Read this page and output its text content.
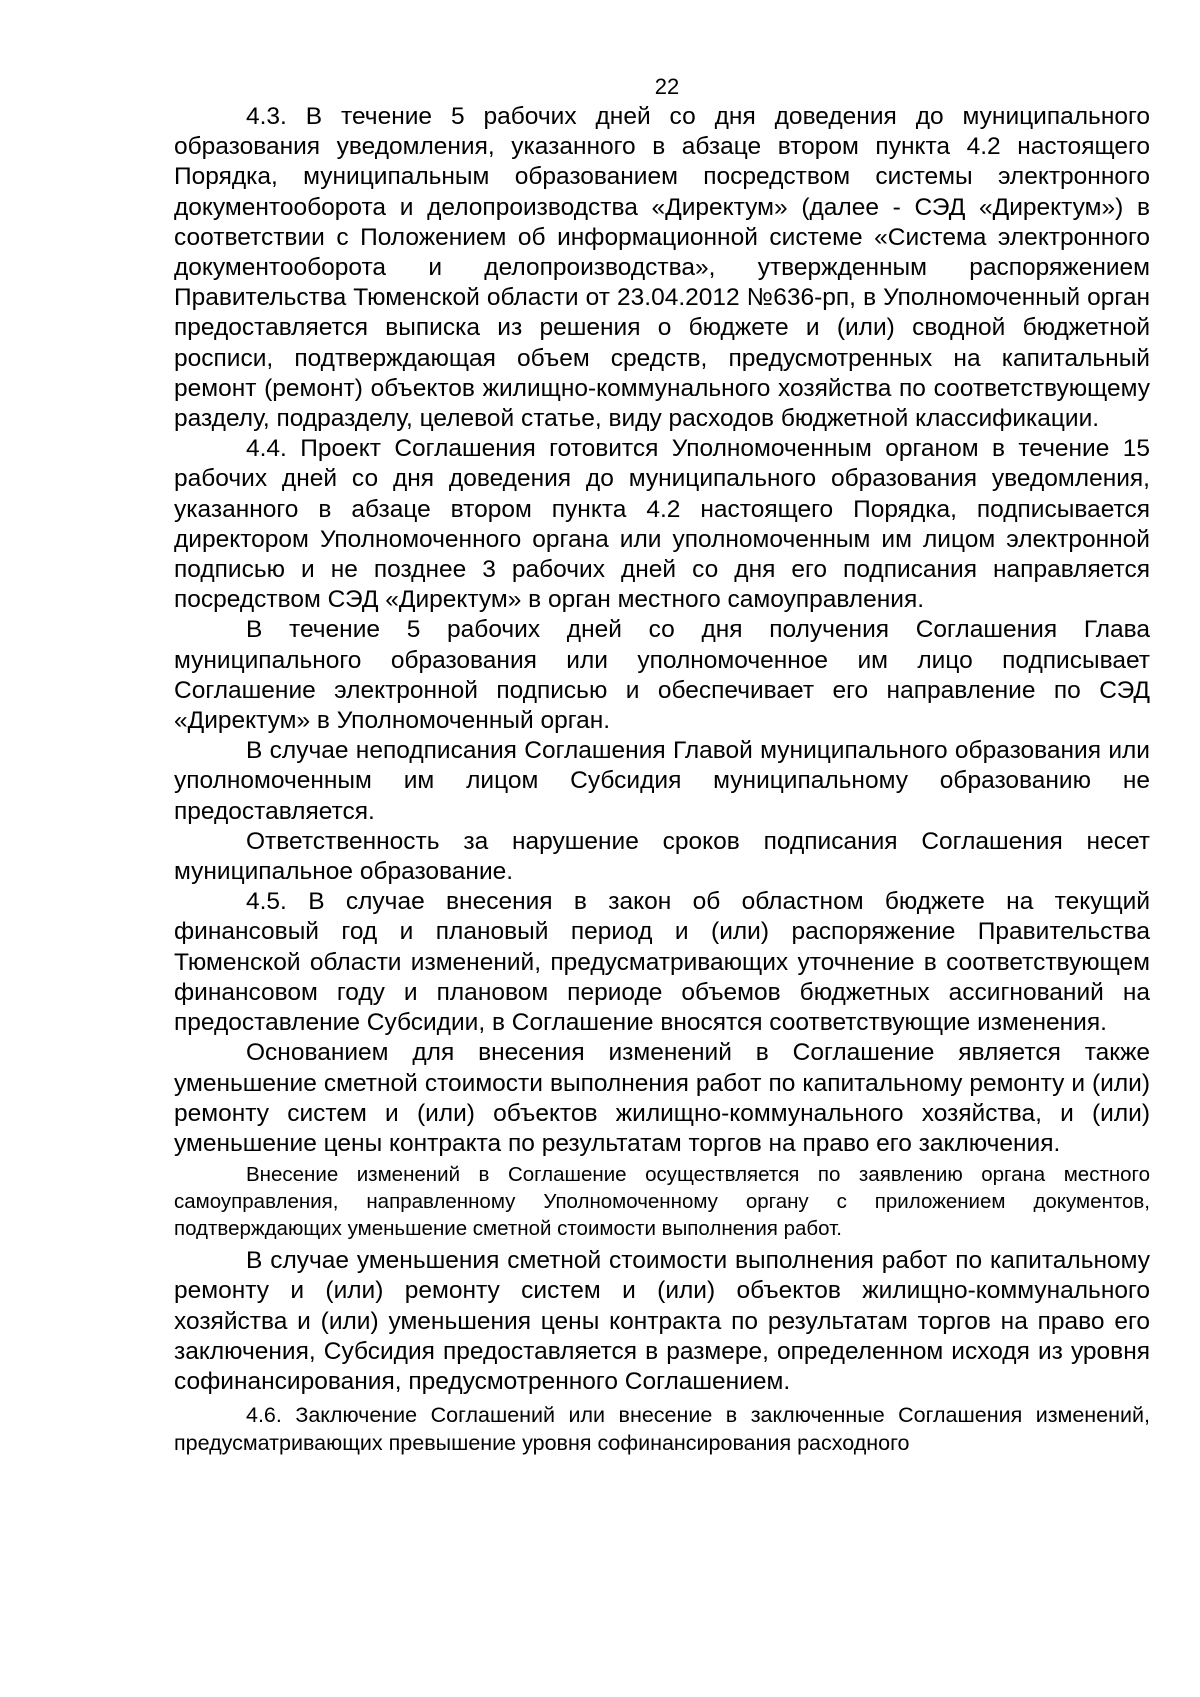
22

4.3. В течение 5 рабочих дней со дня доведения до муниципального образования уведомления, указанного в абзаце втором пункта 4.2 настоящего Порядка, муниципальным образованием посредством системы электронного документооборота и делопроизводства «Директум» (далее - СЭД «Директум») в соответствии с Положением об информационной системе «Система электронного документооборота и делопроизводства», утвержденным распоряжением Правительства Тюменской области от 23.04.2012 №636-рп, в Уполномоченный орган предоставляется выписка из решения о бюджете и (или) сводной бюджетной росписи, подтверждающая объем средств, предусмотренных на капитальный ремонт (ремонт) объектов жилищно-коммунального хозяйства по соответствующему разделу, подразделу, целевой статье, виду расходов бюджетной классификации.

4.4. Проект Соглашения готовится Уполномоченным органом в течение 15 рабочих дней со дня доведения до муниципального образования уведомления, указанного в абзаце втором пункта 4.2 настоящего Порядка, подписывается директором Уполномоченного органа или уполномоченным им лицом электронной подписью и не позднее 3 рабочих дней со дня его подписания направляется посредством СЭД «Директум» в орган местного самоуправления.

В течение 5 рабочих дней со дня получения Соглашения Глава муниципального образования или уполномоченное им лицо подписывает Соглашение электронной подписью и обеспечивает его направление по СЭД «Директум» в Уполномоченный орган.

В случае неподписания Соглашения Главой муниципального образования или уполномоченным им лицом Субсидия муниципальному образованию не предоставляется.

Ответственность за нарушение сроков подписания Соглашения несет муниципальное образование.

4.5. В случае внесения в закон об областном бюджете на текущий финансовый год и плановый период и (или) распоряжение Правительства Тюменской области изменений, предусматривающих уточнение в соответствующем финансовом году и плановом периоде объемов бюджетных ассигнований на предоставление Субсидии, в Соглашение вносятся соответствующие изменения.

Основанием для внесения изменений в Соглашение является также уменьшение сметной стоимости выполнения работ по капитальному ремонту и (или) ремонту систем и (или) объектов жилищно-коммунального хозяйства, и (или) уменьшение цены контракта по результатам торгов на право его заключения.

Внесение изменений в Соглашение осуществляется по заявлению органа местного самоуправления, направленному Уполномоченному органу с приложением документов, подтверждающих уменьшение сметной стоимости выполнения работ.

В случае уменьшения сметной стоимости выполнения работ по капитальному ремонту и (или) ремонту систем и (или) объектов жилищно-коммунального хозяйства и (или) уменьшения цены контракта по результатам торгов на право его заключения, Субсидия предоставляется в размере, определенном исходя из уровня софинансирования, предусмотренного Соглашением.

4.6. Заключение Соглашений или внесение в заключенные Соглашения изменений, предусматривающих превышение уровня софинансирования расходного
